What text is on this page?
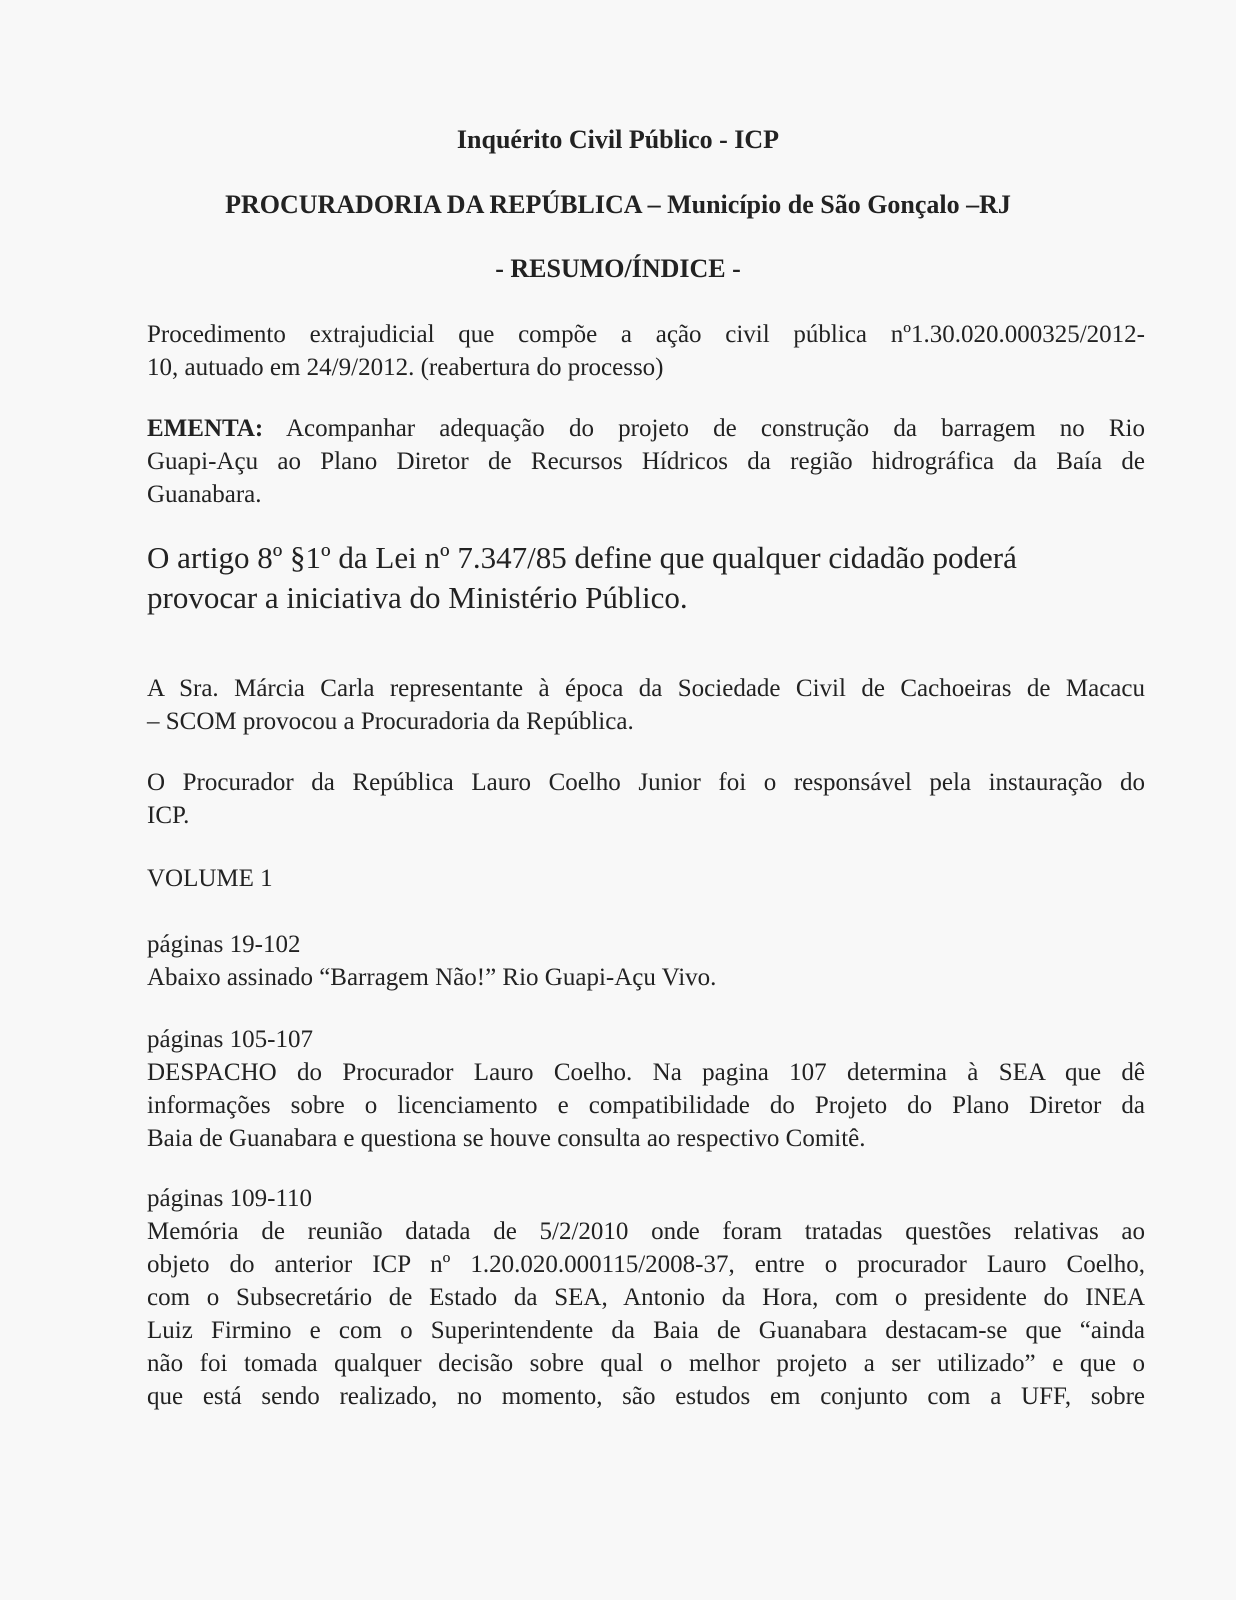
Inquérito Civil Público - ICP
PROCURADORIA DA REPÚBLICA – Município de São Gonçalo –RJ
- RESUMO/ÍNDICE -
Procedimento extrajudicial que compõe a ação civil pública nº1.30.020.000325/2012-
10, autuado em 24/9/2012. (reabertura do processo)
EMENTA: Acompanhar adequação do projeto de construção da barragem no Rio
Guapi-Açu ao Plano Diretor de Recursos Hídricos da região hidrográfica da Baía de
Guanabara.
O artigo 8º §1º da Lei nº 7.347/85 define que qualquer cidadão poderá
provocar a iniciativa do Ministério Público.
A Sra. Márcia Carla representante à época da Sociedade Civil de Cachoeiras de Macacu
– SCOM provocou a Procuradoria da República.
O Procurador da República Lauro Coelho Junior foi o responsável pela instauração do
ICP.
VOLUME 1
páginas 19-102
Abaixo assinado “Barragem Não!” Rio Guapi-Açu Vivo.
páginas 105-107
DESPACHO do Procurador Lauro Coelho. Na pagina 107 determina à SEA que dê
informações sobre o licenciamento e compatibilidade do Projeto do Plano Diretor da
Baia de Guanabara e questiona se houve consulta ao respectivo Comitê.
páginas 109-110
Memória de reunião datada de 5/2/2010 onde foram tratadas questões relativas ao
objeto do anterior ICP nº 1.20.020.000115/2008-37, entre o procurador Lauro Coelho,
com o Subsecretário de Estado da SEA, Antonio da Hora, com o presidente do INEA
Luiz Firmino e com o Superintendente da Baia de Guanabara destacam-se que “ainda
não foi tomada qualquer decisão sobre qual o melhor projeto a ser utilizado” e que o
que está sendo realizado, no momento, são estudos em conjunto com a UFF, sobre
